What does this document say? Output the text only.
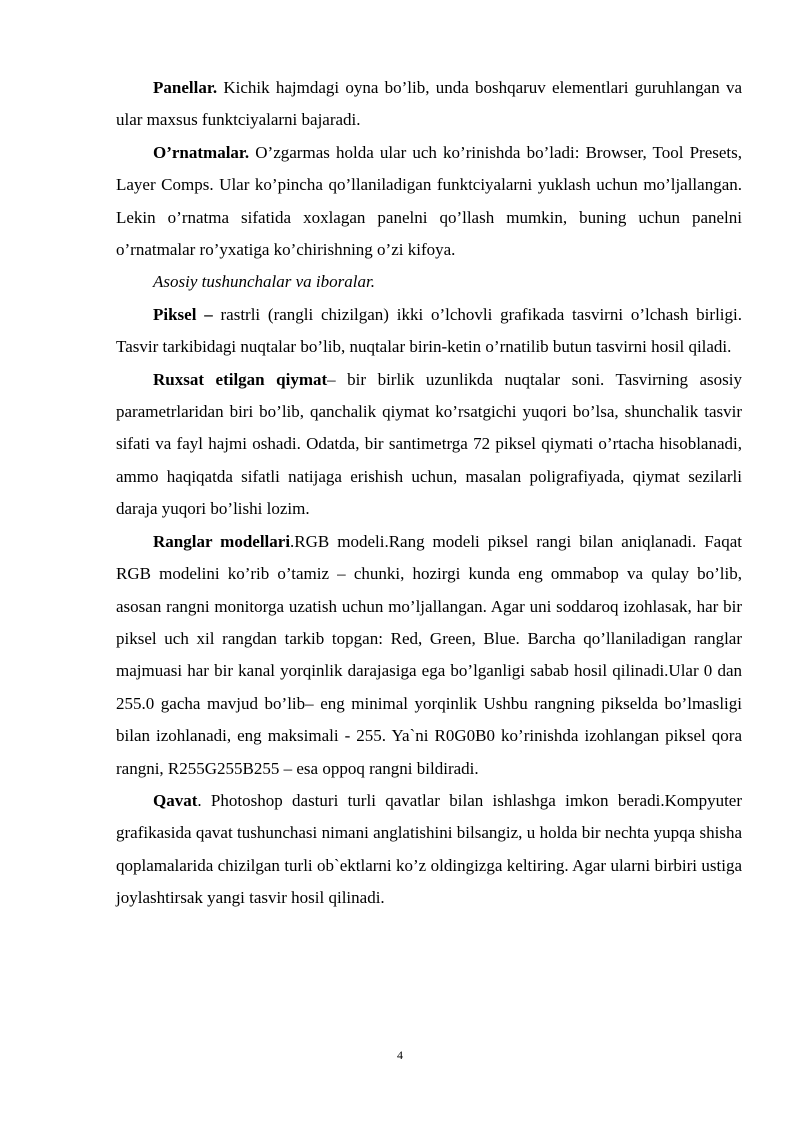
Panellar. Kichik hajmdagi oyna bo’lib, unda boshqaruv elementlari guruhlangan va ular maxsus funktciyalarni bajaradi.

O’rnatmalar. O’zgarmas holda ular uch ko’rinishda bo’ladi: Browser, Tool Presets, Layer Comps. Ular ko’pincha qo’llaniladigan funktciyalarni yuklash uchun mo’ljallangan. Lekin o’rnatma sifatida xoxlagan panelni qo’llash mumkin, buning uchun panelni o’rnatmalar ro’yxatiga ko’chirishning o’zi kifoya.

Asosiy tushunchalar va iboralar.

Piksel – rastrli (rangli chizilgan) ikki o’lchovli grafikada tasvirni o’lchash birligi. Tasvir tarkibidagi nuqtalar bo’lib, nuqtalar birin-ketin o’rnatilib butun tasvirni hosil qiladi.

Ruxsat etilgan qiymat– bir birlik uzunlikda nuqtalar soni. Tasvirning asosiy parametrlaridan biri bo’lib, qanchalik qiymat ko’rsatgichi yuqori bo’lsa, shunchalik tasvir sifati va fayl hajmi oshadi. Odatda, bir santimetrga 72 piksel qiymati o’rtacha hisoblanadi, ammo haqiqatda sifatli natijaga erishish uchun, masalan poligrafiyada, qiymat sezilarli daraja yuqori bo’lishi lozim.

Ranglar modellari.RGB modeli.Rang modeli piksel rangi bilan aniqlanadi. Faqat RGB modelini ko’rib o’tamiz – chunki, hozirgi kunda eng ommabop va qulay bo’lib, asosan rangni monitorga uzatish uchun mo’ljallangan. Agar uni soddaroq izohlasak, har bir piksel uch xil rangdan tarkib topgan: Red, Green, Blue. Barcha qo’llaniladigan ranglar majmuasi har bir kanal yorqinlik darajasiga ega bo’lganligi sabab hosil qilinadi.Ular 0 dan 255.0 gacha mavjud bo’lib– eng minimal yorqinlik Ushbu rangning pikselda bo’lmasligi bilan izohlanadi, eng maksimali - 255. Ya`ni R0G0B0 ko’rinishda izohlangan piksel qora rangni, R255G255B255 – esa oppoq rangni bildiradi.

Qavat. Photoshop dasturi turli qavatlar bilan ishlashga imkon beradi.Kompyuter grafikasida qavat tushunchasi nimani anglatishini bilsangiz, u holda bir nechta yupqa shisha qoplamalarida chizilgan turli ob`ektlarni ko’z oldingizga keltiring. Agar ularni birbiri ustiga joylashtirsak yangi tasvir hosil qilinadi.

4
